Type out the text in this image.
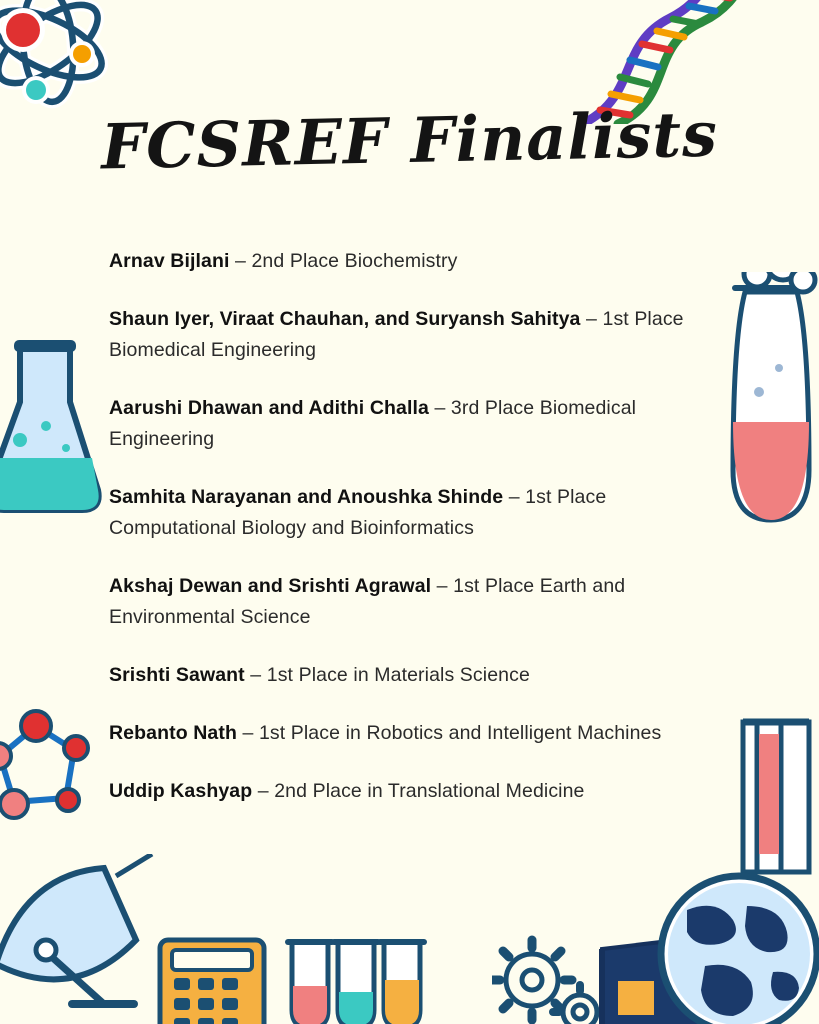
FCSREF Finalists
Arnav Bijlani – 2nd Place Biochemistry
Shaun Iyer, Viraat Chauhan, and Suryansh Sahitya – 1st Place Biomedical Engineering
Aarushi Dhawan and Adithi Challa – 3rd Place Biomedical Engineering
Samhita Narayanan and Anoushka Shinde – 1st Place Computational Biology and Bioinformatics
Akshaj Dewan and Srishti Agrawal – 1st Place Earth and Environmental Science
Srishti Sawant – 1st Place in Materials Science
Rebanto Nath – 1st Place in Robotics and Intelligent Machines
Uddip Kashyap – 2nd Place in Translational Medicine
